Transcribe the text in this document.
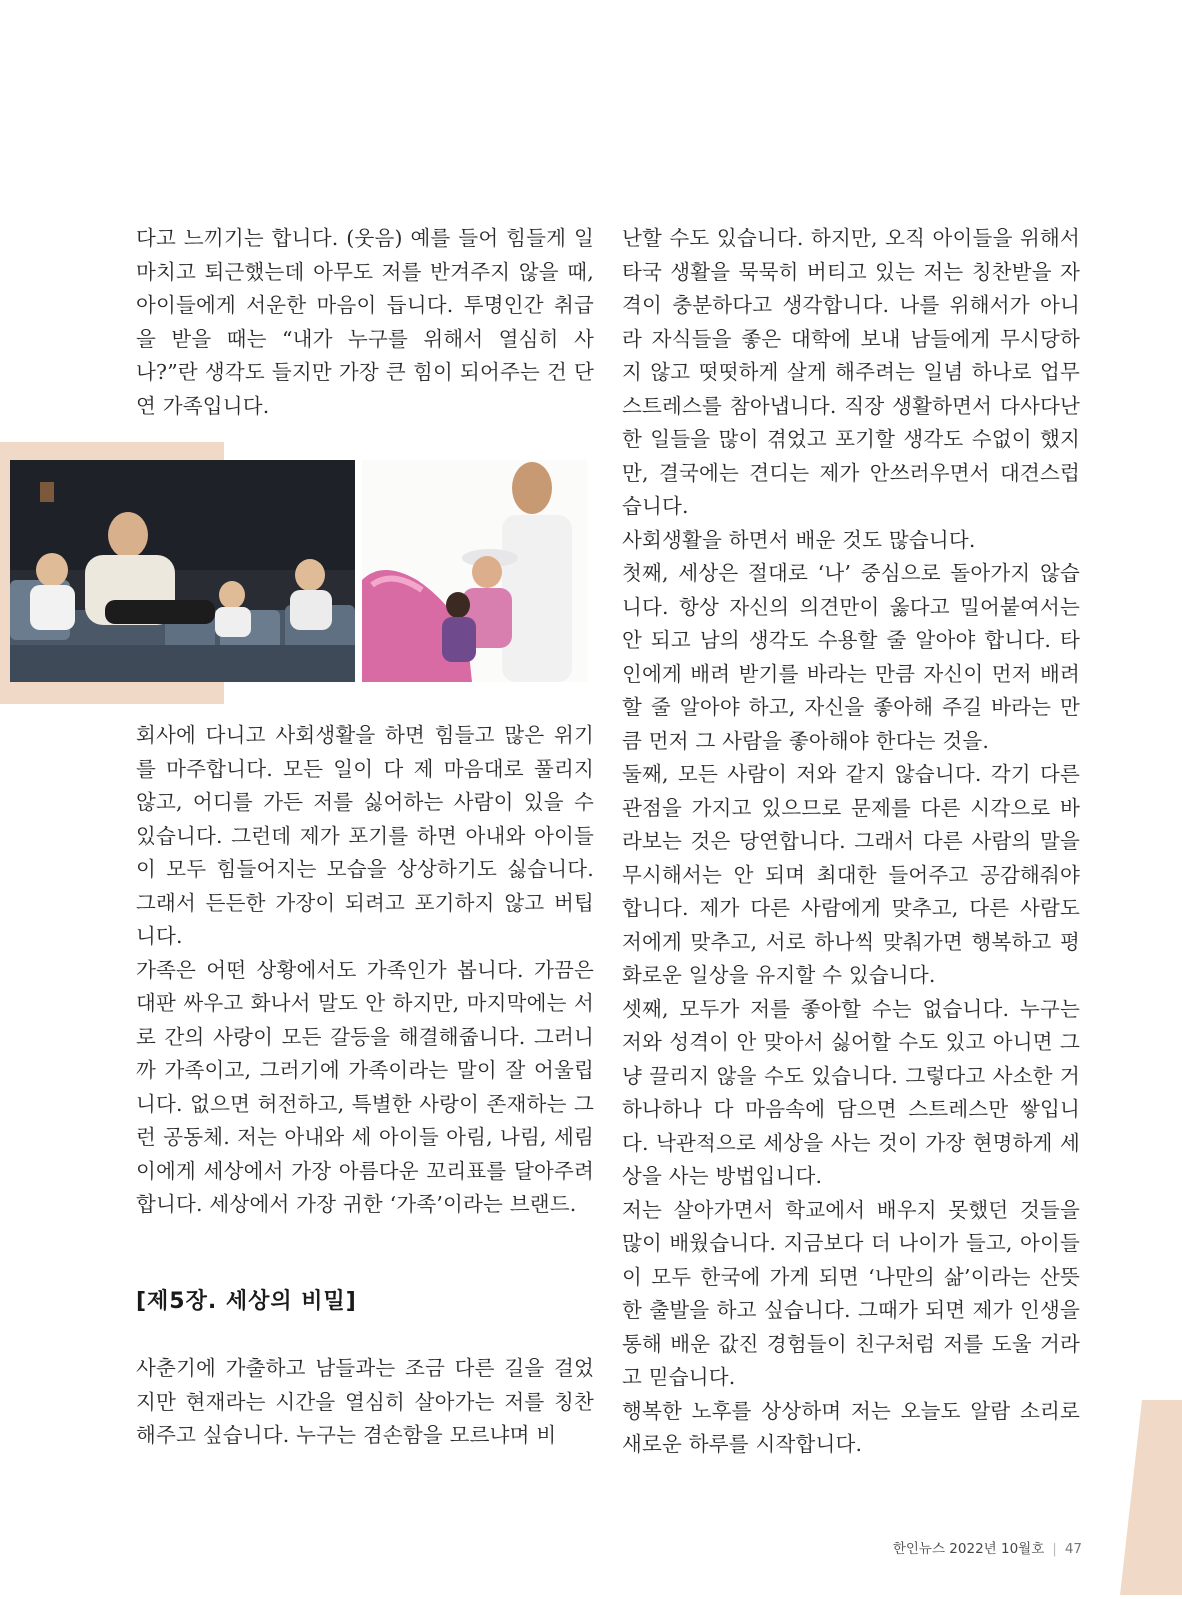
다고 느끼기는 합니다. (웃음) 예를 들어 힘들게 일 마치고 퇴근했는데 아무도 저를 반겨주지 않을 때, 아이들에게 서운한 마음이 듭니다. 투명인간 취급을 받을 때는 “내가 누구를 위해서 열심히 사나?”란 생각도 들지만 가장 큰 힘이 되어주는 건 단연 가족입니다.

회사에 다니고 사회생활을 하면 힘들고 많은 위기를 마주합니다. 모든 일이 다 제 마음대로 풀리지 않고, 어디를 가든 저를 싫어하는 사람이 있을 수 있습니다. 그런데 제가 포기를 하면 아내와 아이들이 모두 힘들어지는 모습을 상상하기도 싫습니다. 그래서 든든한 가장이 되려고 포기하지 않고 버팁니다.

가족은 어떤 상황에서도 가족인가 봅니다. 가끔은 대판 싸우고 화나서 말도 안 하지만, 마지막에는 서로 간의 사랑이 모든 갈등을 해결해줍니다. 그러니까 가족이고, 그러기에 가족이라는 말이 잘 어울립니다. 없으면 허전하고, 특별한 사랑이 존재하는 그런 공동체. 저는 아내와 세 아이들 아림, 나림, 세림이에게 세상에서 가장 아름다운 꼬리표를 달아주려 합니다. 세상에서 가장 귀한 ‘가족’이라는 브랜드.

[제5장. 세상의 비밀]

사춘기에 가출하고 남들과는 조금 다른 길을 걸었지만 현재라는 시간을 열심히 살아가는 저를 칭찬해주고 싶습니다. 누구는 겸손함을 모르냐며 비

난할 수도 있습니다. 하지만, 오직 아이들을 위해서 타국 생활을 묵묵히 버티고 있는 저는 칭찬받을 자격이 충분하다고 생각합니다. 나를 위해서가 아니라 자식들을 좋은 대학에 보내 남들에게 무시당하지 않고 떳떳하게 살게 해주려는 일념 하나로 업무 스트레스를 참아냅니다. 직장 생활하면서 다사다난한 일들을 많이 겪었고 포기할 생각도 수없이 했지만, 결국에는 견디는 제가 안쓰러우면서 대견스럽습니다.

사회생활을 하면서 배운 것도 많습니다.

첫째, 세상은 절대로 ‘나’ 중심으로 돌아가지 않습니다. 항상 자신의 의견만이 옳다고 밀어붙여서는 안 되고 남의 생각도 수용할 줄 알아야 합니다. 타인에게 배려 받기를 바라는 만큼 자신이 먼저 배려할 줄 알아야 하고, 자신을 좋아해 주길 바라는 만큼 먼저 그 사람을 좋아해야 한다는 것을.

둘째, 모든 사람이 저와 같지 않습니다. 각기 다른 관점을 가지고 있으므로 문제를 다른 시각으로 바라보는 것은 당연합니다. 그래서 다른 사람의 말을 무시해서는 안 되며 최대한 들어주고 공감해줘야 합니다. 제가 다른 사람에게 맞추고, 다른 사람도 저에게 맞추고, 서로 하나씩 맞춰가면 행복하고 평화로운 일상을 유지할 수 있습니다.

셋째, 모두가 저를 좋아할 수는 없습니다. 누구는 저와 성격이 안 맞아서 싫어할 수도 있고 아니면 그냥 끌리지 않을 수도 있습니다. 그렇다고 사소한 거 하나하나 다 마음속에 담으면 스트레스만 쌓입니다. 낙관적으로 세상을 사는 것이 가장 현명하게 세상을 사는 방법입니다.

저는 살아가면서 학교에서 배우지 못했던 것들을 많이 배웠습니다. 지금보다 더 나이가 들고, 아이들이 모두 한국에 가게 되면 ‘나만의 삶’이라는 산뜻한 출발을 하고 싶습니다. 그때가 되면 제가 인생을 통해 배운 값진 경험들이 친구처럼 저를 도울 거라고 믿습니다.

행복한 노후를 상상하며 저는 오늘도 알람 소리로 새로운 하루를 시작합니다.

한인뉴스 2022년 10월호 | 47
